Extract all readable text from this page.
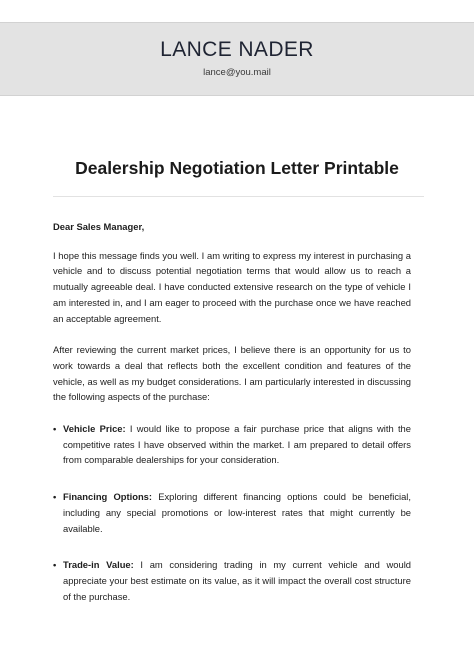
LANCE NADER
lance@you.mail
Dealership Negotiation Letter Printable

Dear Sales Manager,

I hope this message finds you well. I am writing to express my interest in purchasing a vehicle and to discuss potential negotiation terms that would allow us to reach a mutually agreeable deal. I have conducted extensive research on the type of vehicle I am interested in, and I am eager to proceed with the purchase once we have reached an acceptable agreement.

After reviewing the current market prices, I believe there is an opportunity for us to work towards a deal that reflects both the excellent condition and features of the vehicle, as well as my budget considerations. I am particularly interested in discussing the following aspects of the purchase:

• Vehicle Price: I would like to propose a fair purchase price that aligns with the competitive rates I have observed within the market. I am prepared to detail offers from comparable dealerships for your consideration.
• Financing Options: Exploring different financing options could be beneficial, including any special promotions or low-interest rates that might currently be available.
• Trade-in Value: I am considering trading in my current vehicle and would appreciate your best estimate on its value, as it will impact the overall cost structure of the purchase.
